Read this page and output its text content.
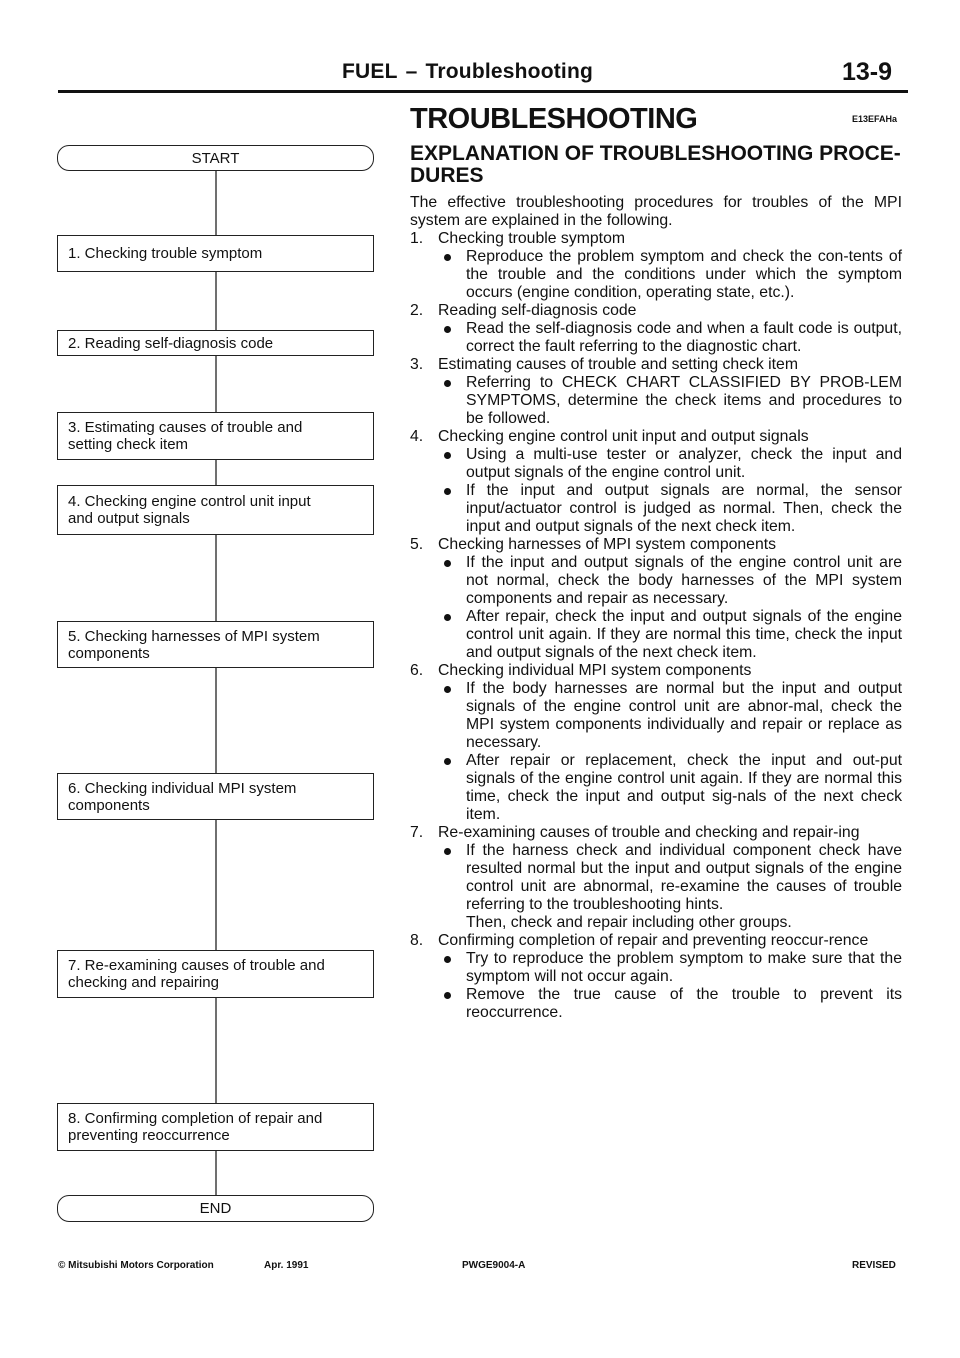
FUEL – Troubleshooting	13-9
START
1. Checking trouble symptom
2. Reading self-diagnosis code
3. Estimating causes of trouble and setting check item
4. Checking engine control unit input and output signals
5. Checking harnesses of MPI system components
6. Checking individual MPI system components
7. Re-examining causes of trouble and checking and repairing
8. Confirming completion of repair and preventing reoccurrence
END
TROUBLESHOOTING	E13EFAHa
EXPLANATION OF TROUBLESHOOTING PROCE-DURES

The effective troubleshooting procedures for troubles of the MPI system are explained in the following.

1. Checking trouble symptom
Reproduce the problem symptom and check the con-tents of the trouble and the conditions under which the symptom occurs (engine condition, operating state, etc.).
2. Reading self-diagnosis code
Read the self-diagnosis code and when a fault code is output, correct the fault referring to the diagnostic chart.
3. Estimating causes of trouble and setting check item
Referring to CHECK CHART CLASSIFIED BY PROB-LEM SYMPTOMS, determine the check items and procedures to be followed.
4. Checking engine control unit input and output signals
Using a multi-use tester or analyzer, check the input and output signals of the engine control unit.
If the input and output signals are normal, the sensor input/actuator control is judged as normal. Then, check the input and output signals of the next check item.
5. Checking harnesses of MPI system components
If the input and output signals of the engine control unit are not normal, check the body harnesses of the MPI system components and repair as necessary.
After repair, check the input and output signals of the engine control unit again. If they are normal this time, check the input and output signals of the next check item.
6. Checking individual MPI system components
If the body harnesses are normal but the input and output signals of the engine control unit are abnor-mal, check the MPI system components individually and repair or replace as necessary.
After repair or replacement, check the input and out-put signals of the engine control unit again. If they are normal this time, check the input and output sig-nals of the next check item.
7. Re-examining causes of trouble and checking and repair-ing
If the harness check and individual component check have resulted normal but the input and output signals of the engine control unit are abnormal, re-examine the causes of trouble referring to the troubleshooting hints.
Then, check and repair including other groups.
8. Confirming completion of repair and preventing reoccur-rence
Try to reproduce the problem symptom to make sure that the symptom will not occur again.
Remove the true cause of the trouble to prevent its reoccurrence.
© Mitsubishi Motors Corporation	Apr. 1991	PWGE9004-A	REVISED
